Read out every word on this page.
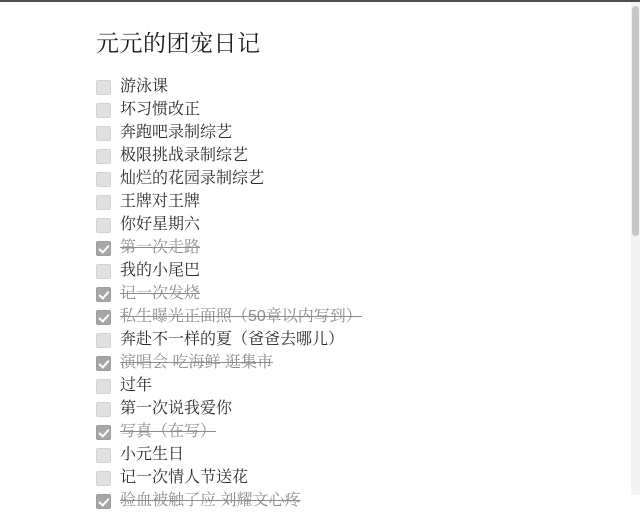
元元的团宠日记
游泳课
坏习惯改正
奔跑吧录制综艺
极限挑战录制综艺
灿烂的花园录制综艺
王牌对王牌
你好星期六
第一次走路
我的小尾巴
记一次发烧
私生曝光正面照（50章以内写到）
奔赴不一样的夏（爸爸去哪儿）
演唱会 吃海鲜 逛集市
过年
第一次说我爱你
写真（在写）
小元生日
记一次情人节送花
验血被触了应 刘耀文心疼
